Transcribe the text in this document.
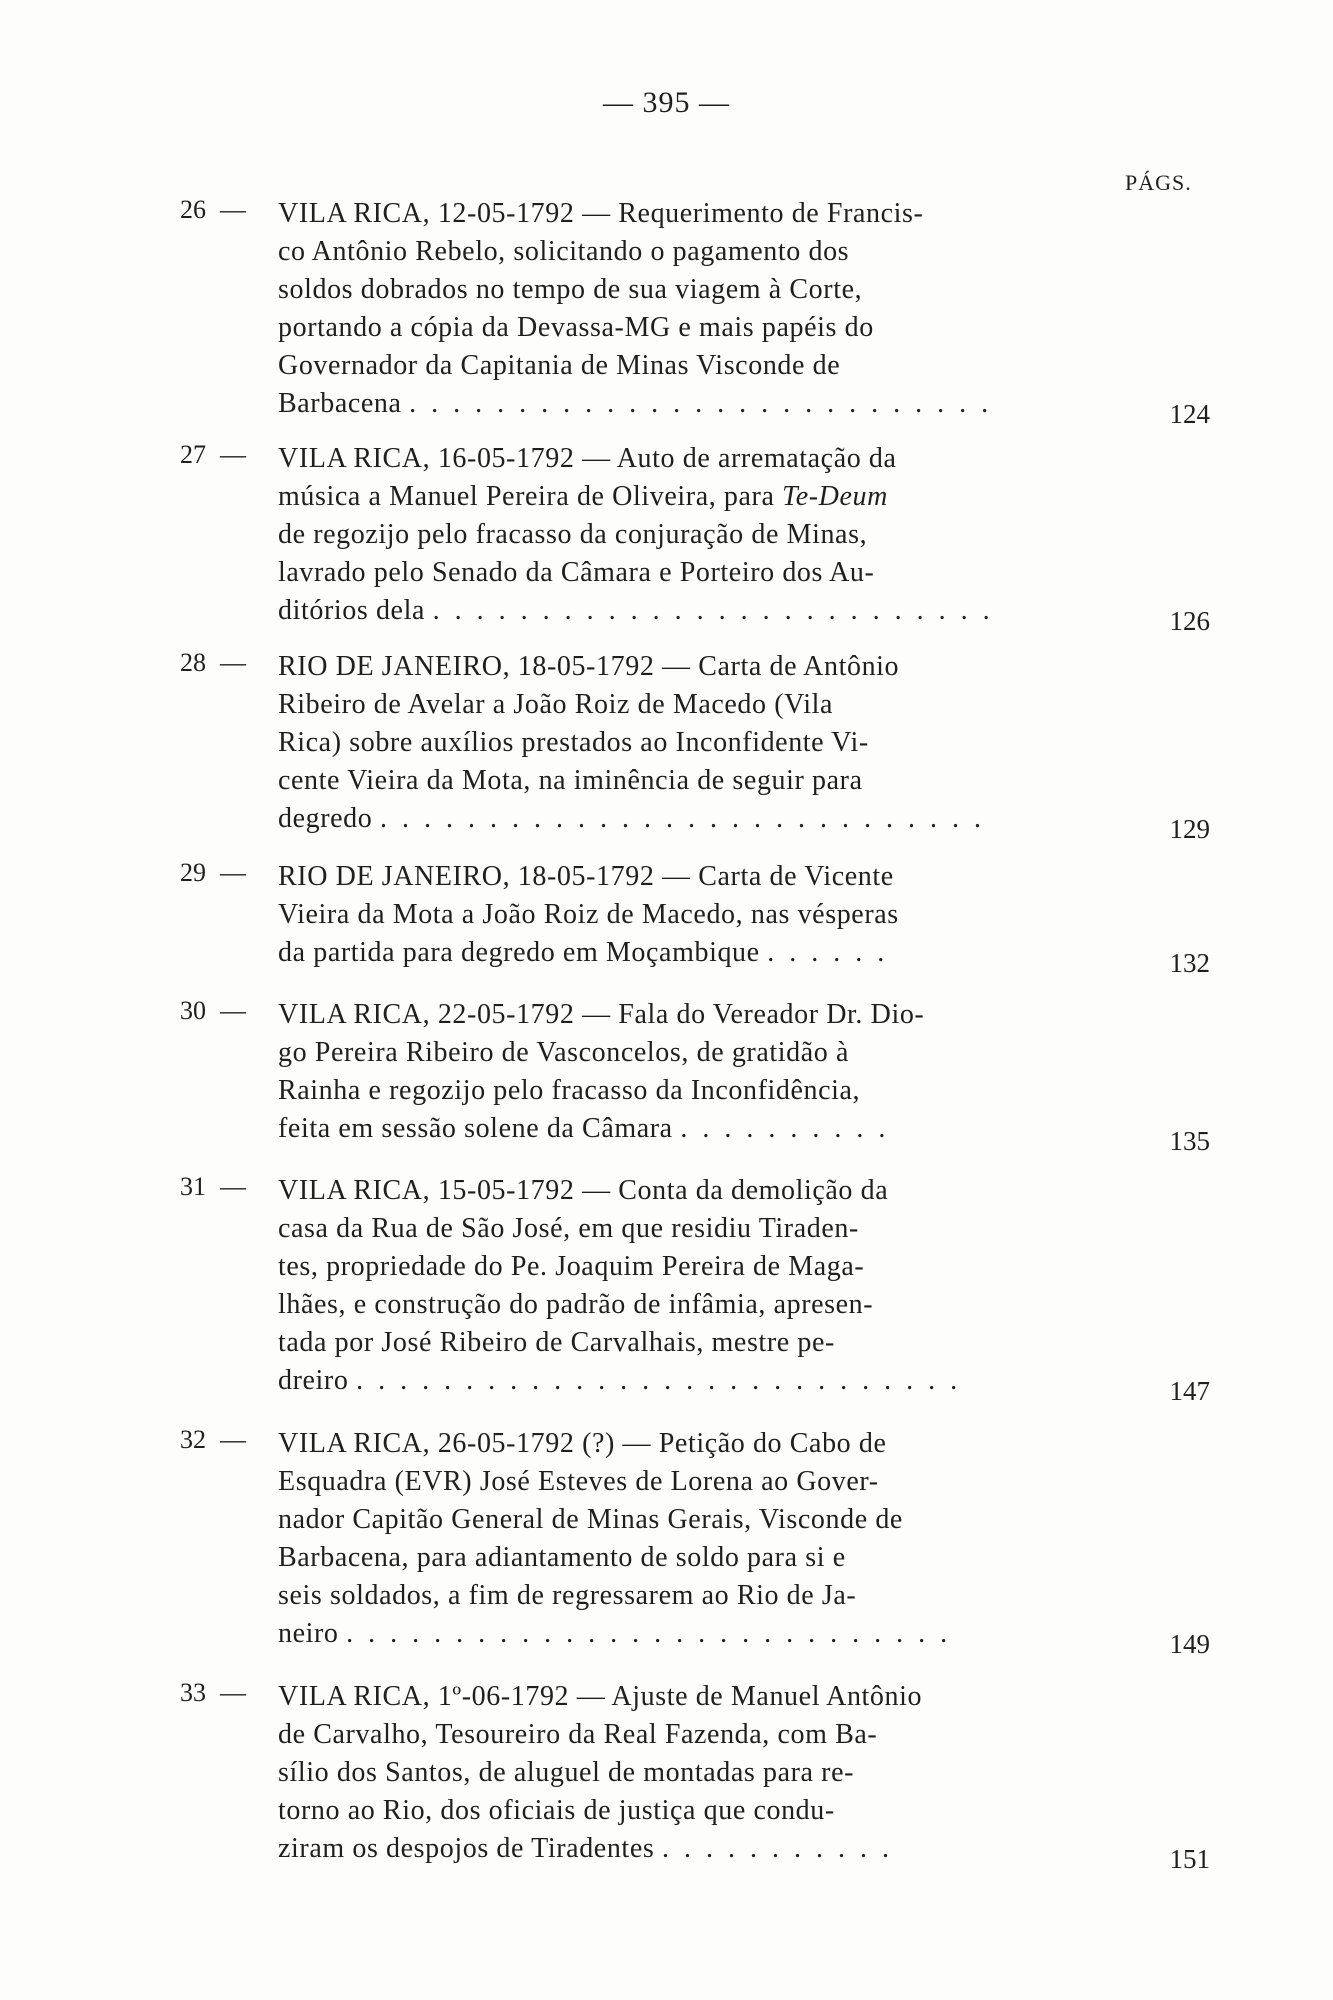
— 395 —
PÁGS.
26 — VILA RICA, 12-05-1792 — Requerimento de Francis-
co Antônio Rebelo, solicitando o pagamento dos
soldos dobrados no tempo de sua viagem à Corte,
portando a cópia da Devassa-MG e mais papéis do
Governador da Capitania de Minas Visconde de
Barbacena . . . . . . . . . . . . . . . . . . . . . . . . . . .	124
27 — VILA RICA, 16-05-1792 — Auto de arrematação da
música a Manuel Pereira de Oliveira, para Te-Deum
de regozijo pelo fracasso da conjuração de Minas,
lavrado pelo Senado da Câmara e Porteiro dos Au-
ditórios dela . . . . . . . . . . . . . . . . . . . . . . . . . .	126
28 — RIO DE JANEIRO, 18-05-1792 — Carta de Antônio
Ribeiro de Avelar a João Roiz de Macedo (Vila
Rica) sobre auxílios prestados ao Inconfidente Vi-
cente Vieira da Mota, na iminência de seguir para
degredo . . . . . . . . . . . . . . . . . . . . . . . . . . . .	129
29 — RIO DE JANEIRO, 18-05-1792 — Carta de Vicente
Vieira da Mota a João Roiz de Macedo, nas vésperas
da partida para degredo em Moçambique . . . . . .	132
30 — VILA RICA, 22-05-1792 — Fala do Vereador Dr. Dio-
go Pereira Ribeiro de Vasconcelos, de gratidão à
Rainha e regozijo pelo fracasso da Inconfidência,
feita em sessão solene da Câmara . . . . . . . . . .	135
31 — VILA RICA, 15-05-1792 — Conta da demolição da
casa da Rua de São José, em que residiu Tiraden-
tes, propriedade do Pe. Joaquim Pereira de Maga-
lhães, e construção do padrão de infâmia, apresen-
tada por José Ribeiro de Carvalhais, mestre pe-
dreiro . . . . . . . . . . . . . . . . . . . . . . . . . . . .	147
32 — VILA RICA, 26-05-1792 (?) — Petição do Cabo de
Esquadra (EVR) José Esteves de Lorena ao Gover-
nador Capitão General de Minas Gerais, Visconde de
Barbacena, para adiantamento de soldo para si e
seis soldados, a fim de regressarem ao Rio de Ja-
neiro . . . . . . . . . . . . . . . . . . . . . . . . . . . .	149
33 — VILA RICA, 1º-06-1792 — Ajuste de Manuel Antônio
de Carvalho, Tesoureiro da Real Fazenda, com Ba-
sílio dos Santos, de aluguel de montadas para re-
torno ao Rio, dos oficiais de justiça que condu-
ziram os despojos de Tiradentes . . . . . . . . . . .	151
